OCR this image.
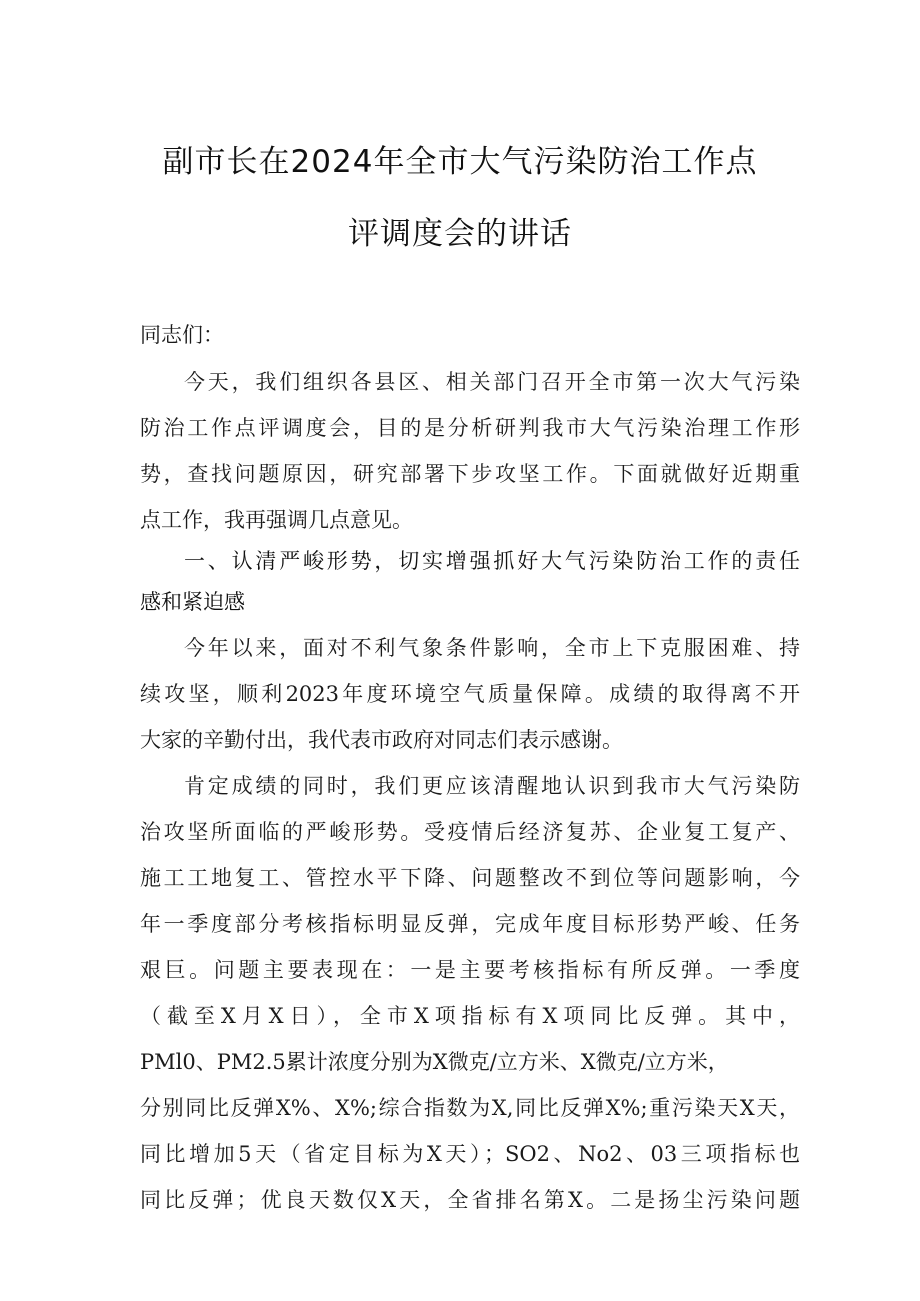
副市长在2024年全市大气污染防治工作点
评调度会的讲话
同志们：
今天，我们组织各县区、相关部门召开全市第一次大气污染
防治工作点评调度会，目的是分析研判我市大气污染治理工作形
势，查找问题原因，研究部署下步攻坚工作。下面就做好近期重
点工作，我再强调几点意见。
一、认清严峻形势，切实增强抓好大气污染防治工作的责任
感和紧迫感
今年以来，面对不利气象条件影响，全市上下克服困难、持
续攻坚，顺利2023年度环境空气质量保障。成绩的取得离不开
大家的辛勤付出，我代表市政府对同志们表示感谢。
肯定成绩的同时，我们更应该清醒地认识到我市大气污染防
治攻坚所面临的严峻形势。受疫情后经济复苏、企业复工复产、
施工工地复工、管控水平下降、问题整改不到位等问题影响，今
年一季度部分考核指标明显反弹，完成年度目标形势严峻、任务
艰巨。问题主要表现在：一是主要考核指标有所反弹。一季度
（截至X月X日），全市X项指标有X项同比反弹。其中，
PMl0、PM2.5累计浓度分别为X微克/立方米、X微克/立方米，
分别同比反弹X%、X%;综合指数为X,同比反弹X%;重污染天X天，
同比增加5天（省定目标为X天）；SO2、No2、03三项指标也
同比反弹；优良天数仅X天，全省排名第X。二是扬尘污染问题
